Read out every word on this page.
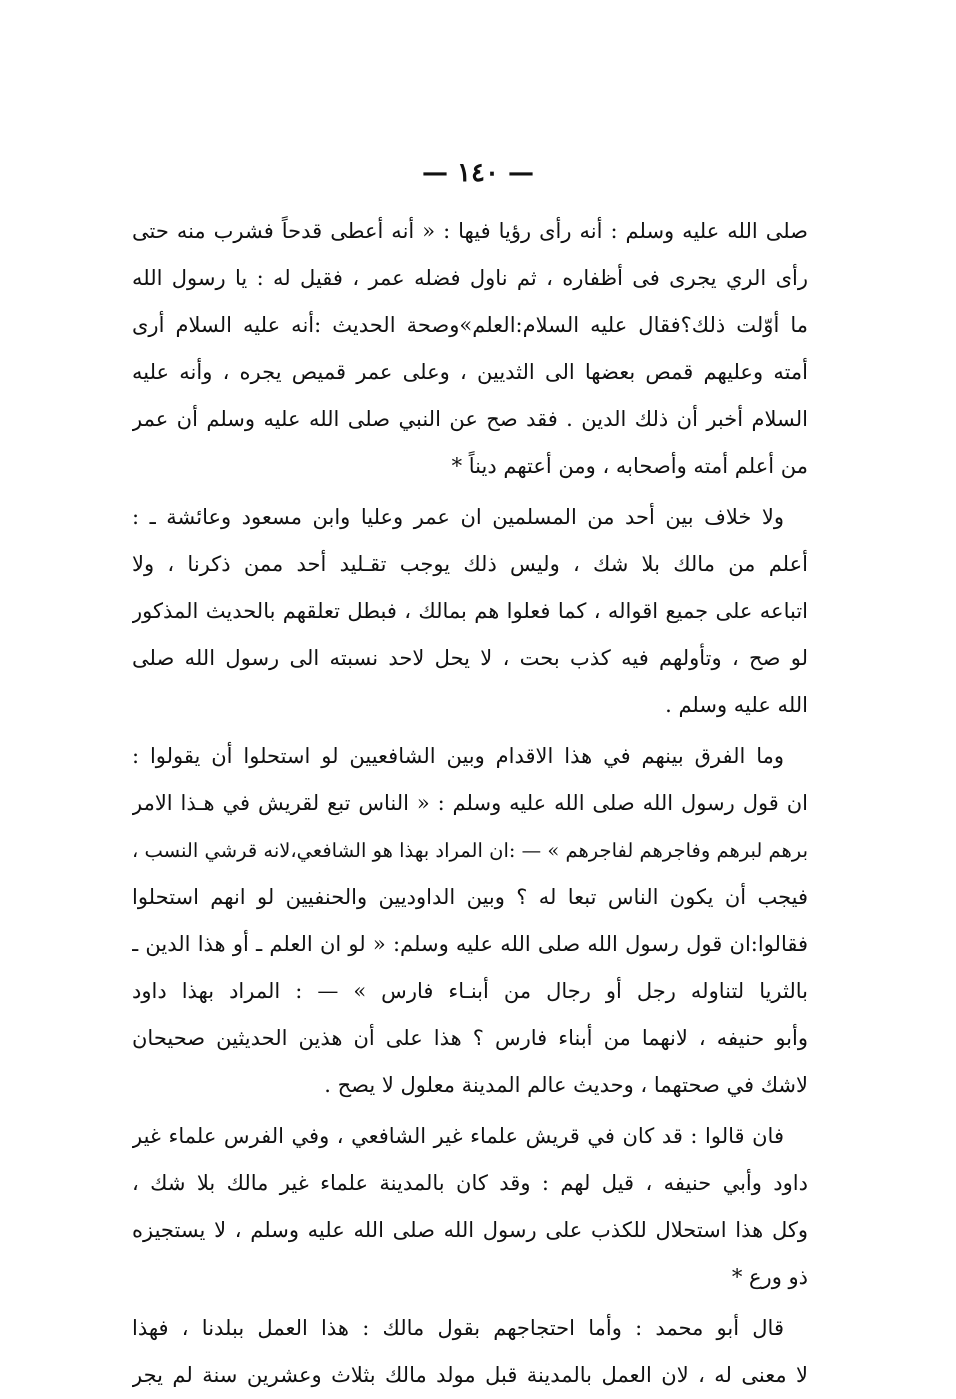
— ١٤٠ —
صلى الله عليه وسلم : أنه رأى رؤيا فيها : « أنه أعطى قدحاً فشرب منه حتى
رأى الري يجرى فى أظفاره ، ثم ناول فضله عمر ، فقيل له : يا رسول الله
ما أوّلت ذلك؟فقال عليه السلام:العلم»وصحة الحديث :أنه عليه السلام أرى
أمته وعليهم قمص بعضها الى الثديين ، وعلى عمر قميص يجره ، وأنه عليه
السلام أخبر أن ذلك الدين . فقد صح عن النبي صلى الله عليه وسلم أن عمر
من أعلم أمته وأصحابه ، ومن أعتهم ديناً *
ولا خلاف بين أحد من المسلمين ان عمر وعليا وابن مسعود وعائشة ـ :
أعلم من مالك بلا شك ، وليس ذلك يوجب تقـليد أحد ممن ذكرنا ، ولا
اتباعه على جميع اقواله ، كما فعلوا هم بمالك ، فبطل تعلقهم بالحديث المذكور
لو صح ، وتأولهم فيه كذب بحت ، لا يحل لاحد نسبته الى رسول الله صلى
الله عليه وسلم .
وما الفرق بينهم في هذا الاقدام وبين الشافعيين لو استحلوا أن يقولوا :
ان قول رسول الله صلى الله عليه وسلم : « الناس تبع لقريش في هـذا الامر
برهم لبرهم وفاجرهم لفاجرهم » — :ان المراد بهذا هو الشافعي،لانه قرشي النسب ،
فيجب أن يكون الناس تبعا له ؟ وبين الداوديين والحنفيين لو انهم استحلوا
فقالوا:ان قول رسول الله صلى الله عليه وسلم: « لو ان العلم ـ أو هذا الدين ـ
بالثريا لتناوله رجل أو رجال من أبنـاء فارس » — : المراد بهذا داود
وأبو حنيفه ، لانهما من أبناء فارس ؟ هذا على أن هذين الحديثين صحيحان
لاشك في صحتهما ، وحديث عالم المدينة معلول لا يصح .
فان قالوا : قد كان في قريش علماء غير الشافعي ، وفي الفرس علماء غير
داود وأبي حنيفه ، قيل لهم : وقد كان بالمدينة علماء غير مالك بلا شك ،
وكل هذا استحلال للكذب على رسول الله صلى الله عليه وسلم ، لا يستجيزه
ذو ورع *
قال أبو محمد : وأما احتجاجهم بقول مالك : هذا العمل ببلدنا ، فهذا
لا معنى له ، لان العمل بالمدينة قبل مولد مالك بثلاث وعشرين سنة لم يجر
